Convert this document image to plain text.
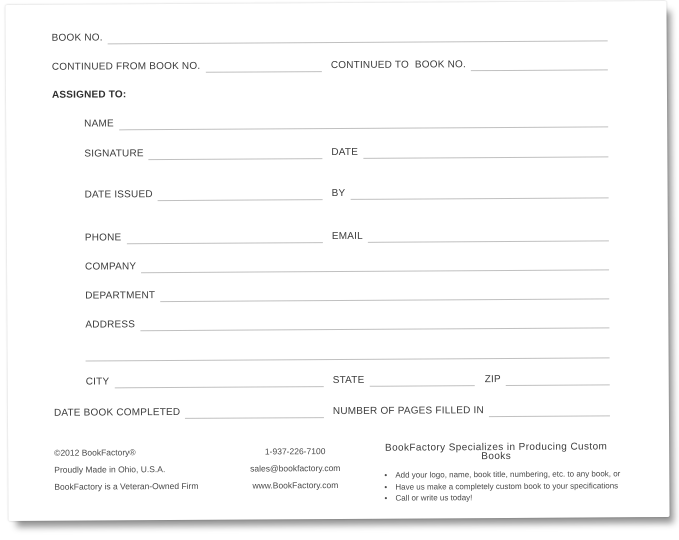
BOOK NO.
CONTINUED FROM BOOK NO.	CONTINUED TO  BOOK NO.
ASSIGNED TO:
NAME
SIGNATURE	DATE
DATE ISSUED	BY
PHONE	EMAIL
COMPANY
DEPARTMENT
ADDRESS
CITY	STATE	ZIP
DATE BOOK COMPLETED	NUMBER OF PAGES FILLED IN

©2012 BookFactory®

Proudly Made in Ohio, U.S.A.

BookFactory is a Veteran-Owned Firm

1-937-226-7100

sales@bookfactory.com

www.BookFactory.com

BookFactory Specializes in Producing Custom Books

• Add your logo, name, book title, numbering, etc. to any book, or
• Have us make a completely custom book to your specifications
• Call or write us today!
